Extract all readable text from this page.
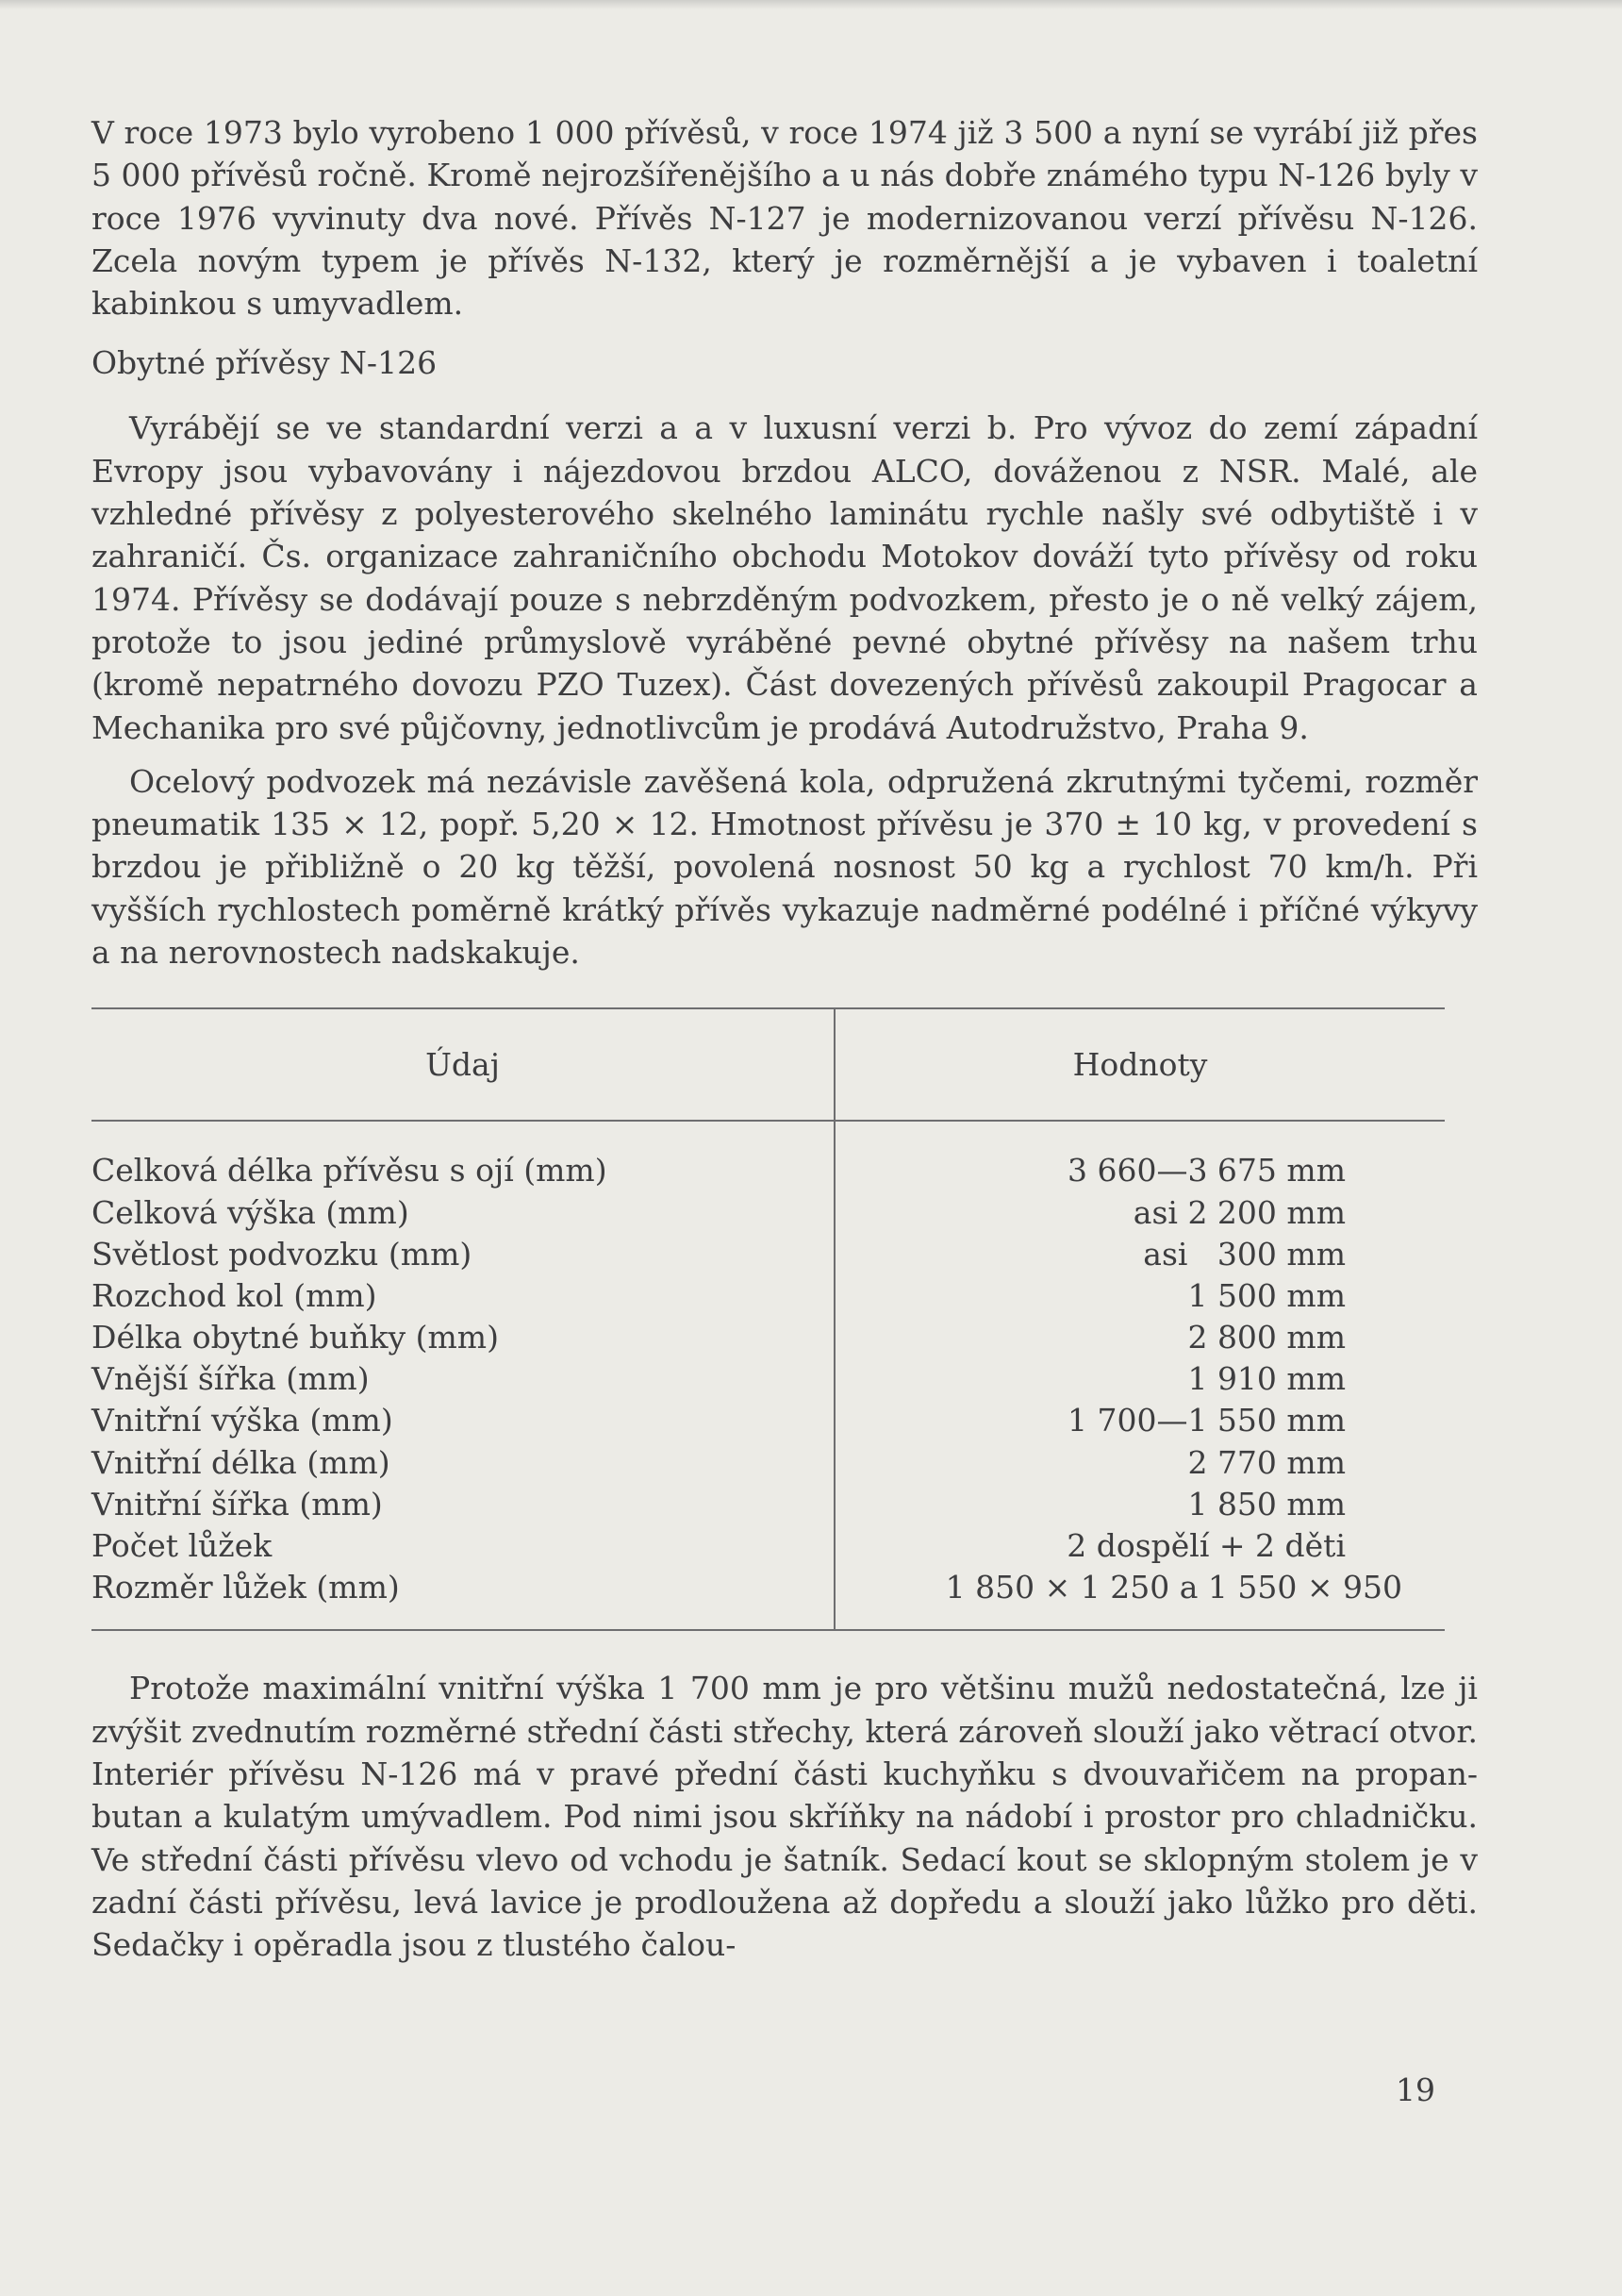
V roce 1973 bylo vyrobeno 1 000 přívěsů, v roce 1974 již 3 500 a nyní se vyrábí již přes 5 000 přívěsů ročně. Kromě nejrozšířenějšího a u nás dobře známého typu N-126 byly v roce 1976 vyvinuty dva nové. Přívěs N-127 je modernizovanou verzí přívěsu N-126. Zcela novým typem je přívěs N-132, který je rozměrnější a je vybaven i toaletní kabinkou s umyvadlem.

Obytné přívěsy N-126

Vyrábějí se ve standardní verzi a a v luxusní verzi b. Pro vývoz do zemí západní Evropy jsou vybavovány i nájezdovou brzdou ALCO, dováženou z NSR. Malé, ale vzhledné přívěsy z polyesterového skelného laminátu rychle našly své odbytiště i v zahraničí. Čs. organizace zahraničního obchodu Motokov dováží tyto přívěsy od roku 1974. Přívěsy se dodávají pouze s nebrzděným podvozkem, přesto je o ně velký zájem, protože to jsou jediné průmyslově vyráběné pevné obytné přívěsy na našem trhu (kromě nepatrného dovozu PZO Tuzex). Část dovezených přívěsů zakoupil Pragocar a Mechanika pro své půjčovny, jednotlivcům je prodává Autodružstvo, Praha 9.

Ocelový podvozek má nezávisle zavěšená kola, odpružená zkrutnými tyčemi, rozměr pneumatik 135 × 12, popř. 5,20 × 12. Hmotnost přívěsu je 370 ± 10 kg, v provedení s brzdou je přibližně o 20 kg těžší, povolená nosnost 50 kg a rychlost 70 km/h. Při vyšších rychlostech poměrně krátký přívěs vykazuje nadměrné podélné i příčné výkyvy a na nerovnostech nadskakuje.

Údaj	Hodnoty
Celková délka přívěsu s ojí (mm)
Celková výška (mm)
Světlost podvozku (mm)
Rozchod kol (mm)
Délka obytné buňky (mm)
Vnější šířka (mm)
Vnitřní výška (mm)
Vnitřní délka (mm)
Vnitřní šířka (mm)
Počet lůžek
Rozměr lůžek (mm)
3 660—3 675 mm
asi 2 200 mm
asi   300 mm
1 500 mm
2 800 mm
1 910 mm
1 700—1 550 mm
2 770 mm
1 850 mm
2 dospělí + 2 děti
1 850 × 1 250 a 1 550 × 950

Protože maximální vnitřní výška 1 700 mm je pro většinu mužů nedostatečná, lze ji zvýšit zvednutím rozměrné střední části střechy, která zároveň slouží jako větrací otvor. Interiér přívěsu N-126 má v pravé přední části kuchyňku s dvouvařičem na propan-butan a kulatým umývadlem. Pod nimi jsou skříňky na nádobí i prostor pro chladničku. Ve střední části přívěsu vlevo od vchodu je šatník. Sedací kout se sklopným stolem je v zadní části přívěsu, levá lavice je prodloužena až dopředu a slouží jako lůžko pro děti. Sedačky i opěradla jsou z tlustého čalou-

19
